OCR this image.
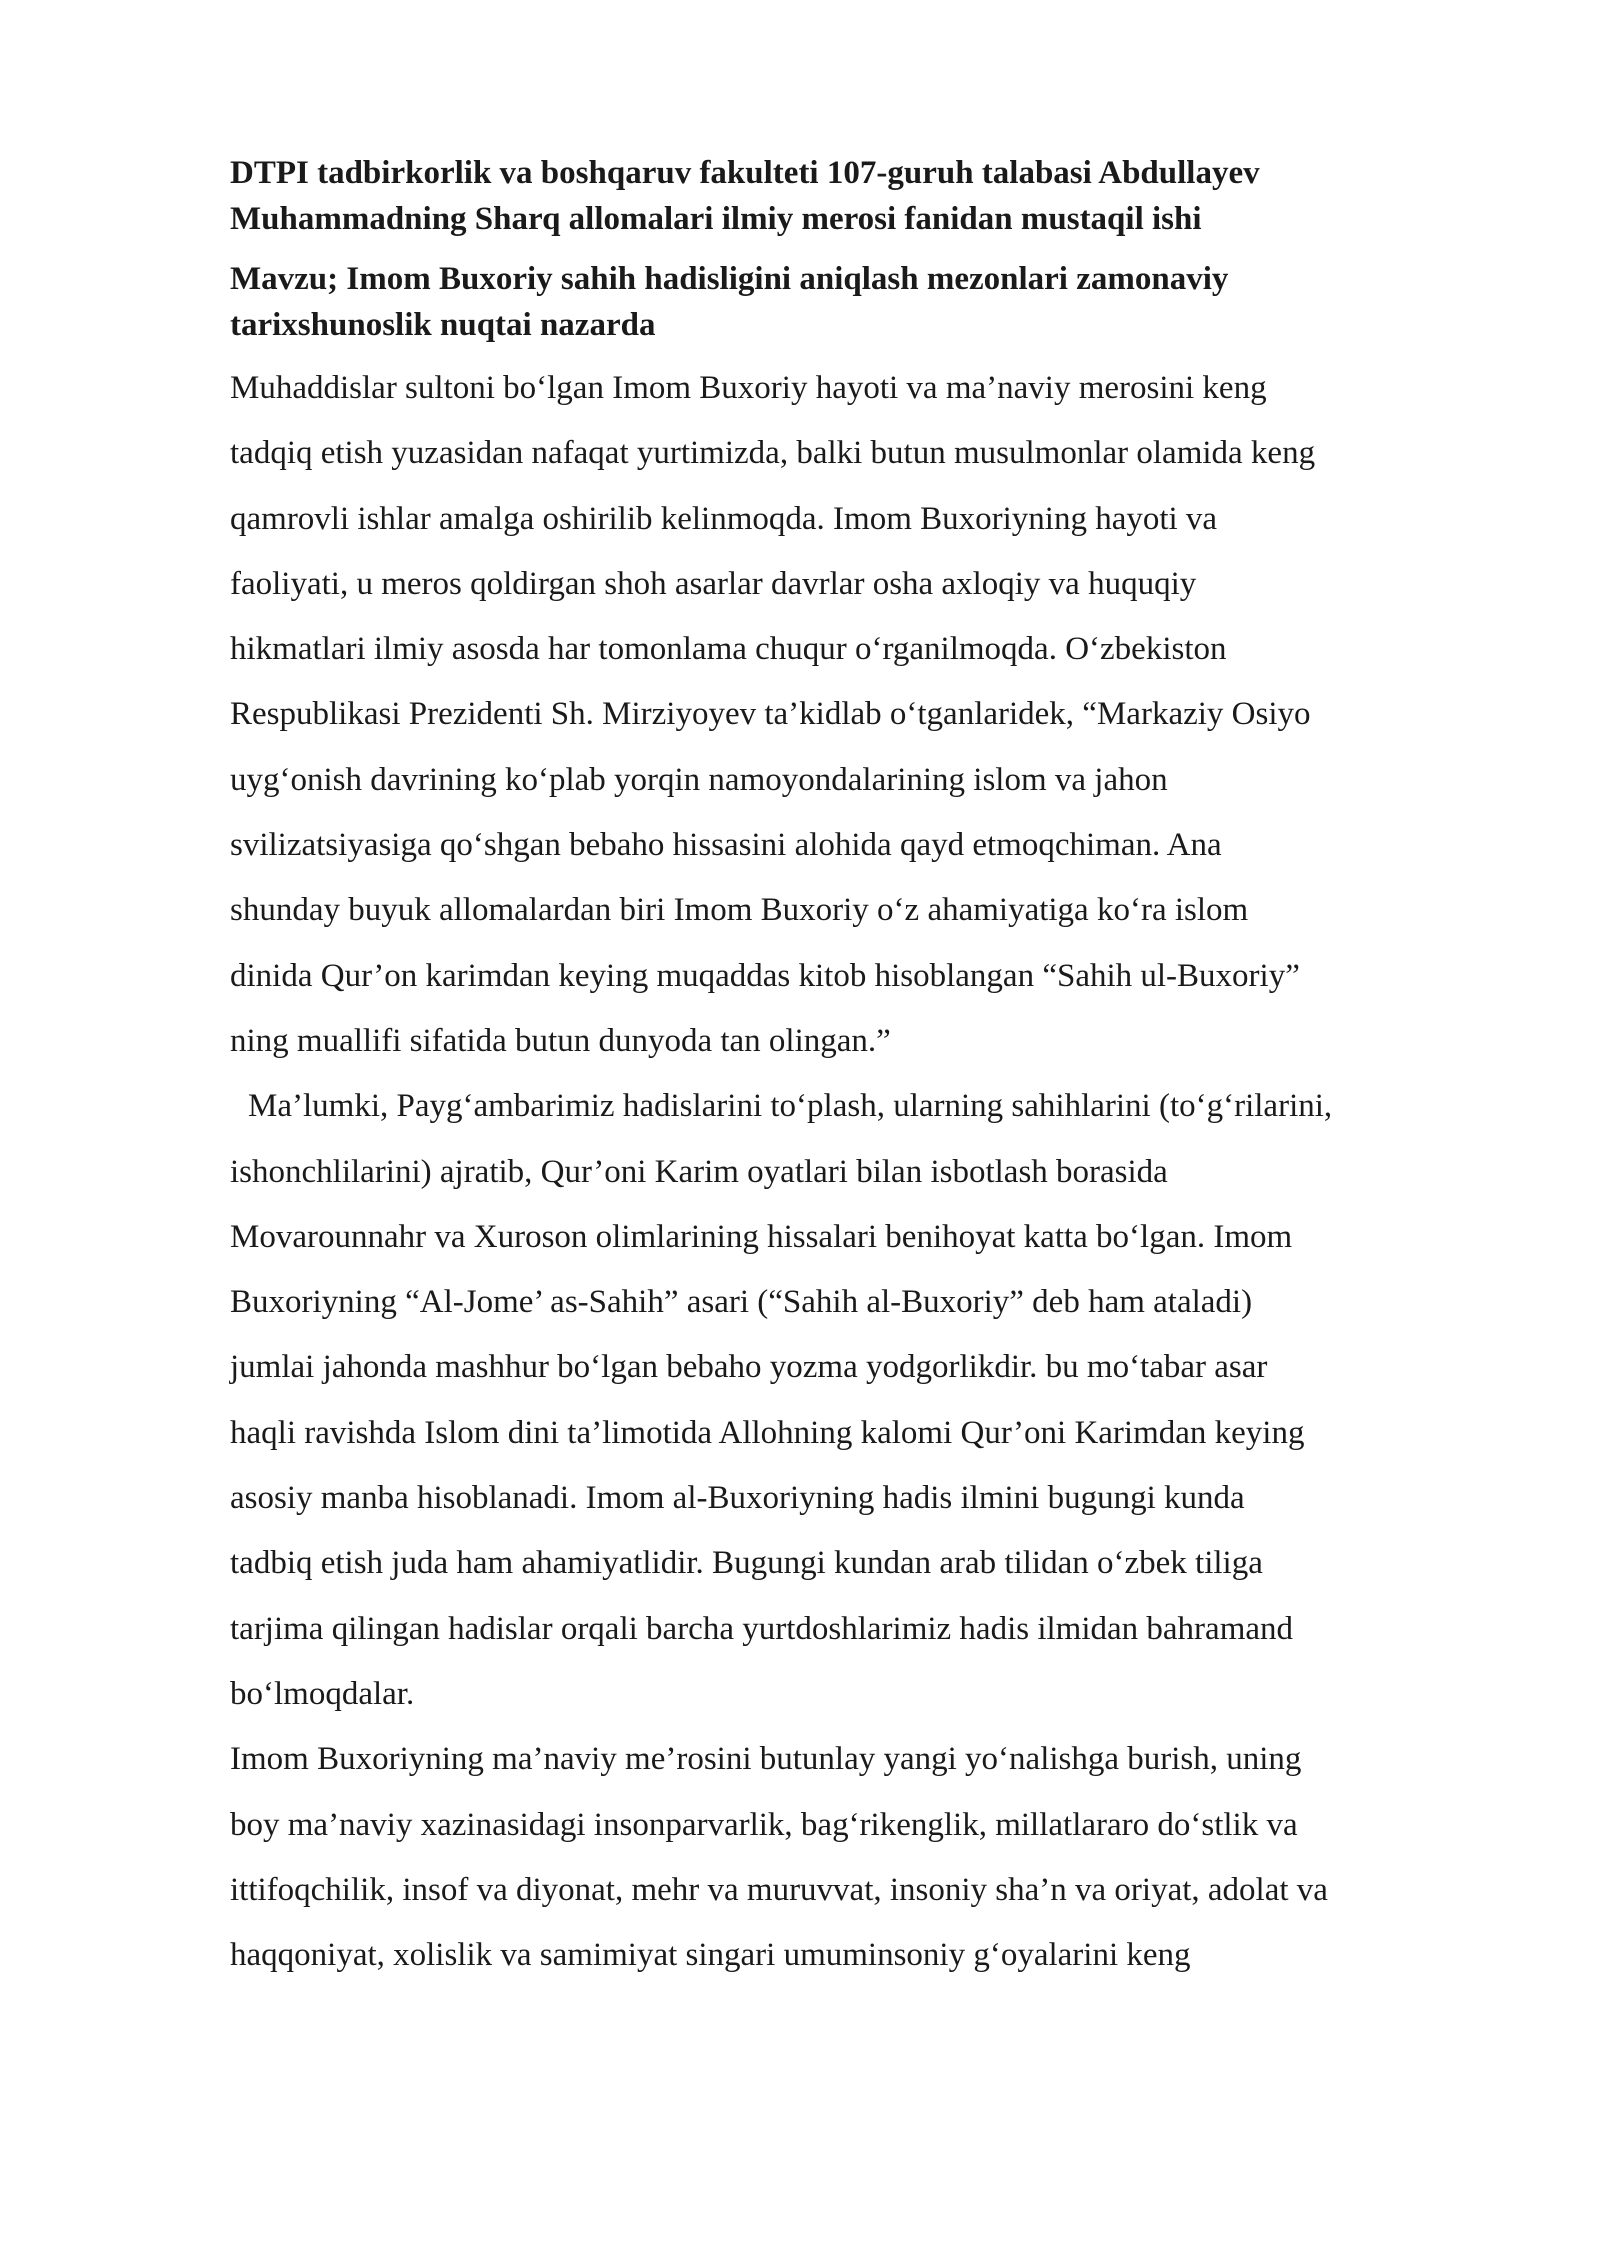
DTPI tadbirkorlik va boshqaruv fakulteti 107-guruh talabasi Abdullayev
Muhammadning Sharq allomalari ilmiy merosi fanidan mustaqil ishi

Mavzu; Imom Buxoriy sahih hadisligini aniqlash mezonlari zamonaviy
tarixshunoslik nuqtai nazarda

Muhaddislar sultoni bo‘lgan Imom Buxoriy hayoti va ma’naviy merosini keng
tadqiq etish yuzasidan nafaqat yurtimizda, balki butun musulmonlar olamida keng
qamrovli ishlar amalga oshirilib kelinmoqda. Imom Buxoriyning hayoti va
faoliyati, u meros qoldirgan shoh asarlar davrlar osha axloqiy va huquqiy
hikmatlari ilmiy asosda har tomonlama chuqur o‘rganilmoqda. O‘zbekiston
Respublikasi Prezidenti Sh. Mirziyoyev ta’kidlab o‘tganlaridek, “Markaziy Osiyo
uyg‘onish davrining ko‘plab yorqin namoyondalarining islom va jahon
svilizatsiyasiga qo‘shgan bebaho hissasini alohida qayd etmoqchiman. Ana
shunday buyuk allomalardan biri Imom Buxoriy o‘z ahamiyatiga ko‘ra islom
dinida Qur’on karimdan keying muqaddas kitob hisoblangan “Sahih ul-Buxoriy”
ning muallifi sifatida butun dunyoda tan olingan.”

Ma’lumki, Payg‘ambarimiz hadislarini to‘plash, ularning sahihlarini (to‘g‘rilarini,
ishonchlilarini) ajratib, Qur’oni Karim oyatlari bilan isbotlash borasida
Movarounnahr va Xuroson olimlarining hissalari benihoyat katta bo‘lgan. Imom
Buxoriyning “Al-Jome’ as-Sahih” asari (“Sahih al-Buxoriy” deb ham ataladi)
jumlai jahonda mashhur bo‘lgan bebaho yozma yodgorlikdir. bu mo‘tabar asar
haqli ravishda Islom dini ta’limotida Allohning kalomi Qur’oni Karimdan keying
asosiy manba hisoblanadi. Imom al-Buxoriyning hadis ilmini bugungi kunda
tadbiq etish juda ham ahamiyatlidir. Bugungi kundan arab tilidan o‘zbek tiliga
tarjima qilingan hadislar orqali barcha yurtdoshlarimiz hadis ilmidan bahramand
bo‘lmoqdalar.

Imom Buxoriyning ma’naviy me’rosini butunlay yangi yo‘nalishga burish, uning
boy ma’naviy xazinasidagi insonparvarlik, bag‘rikenglik, millatlararo do‘stlik va
ittifoqchilik, insof va diyonat, mehr va muruvvat, insoniy sha’n va oriyat, adolat va
haqqoniyat, xolislik va samimiyat singari umuminsoniy g‘oyalarini keng
